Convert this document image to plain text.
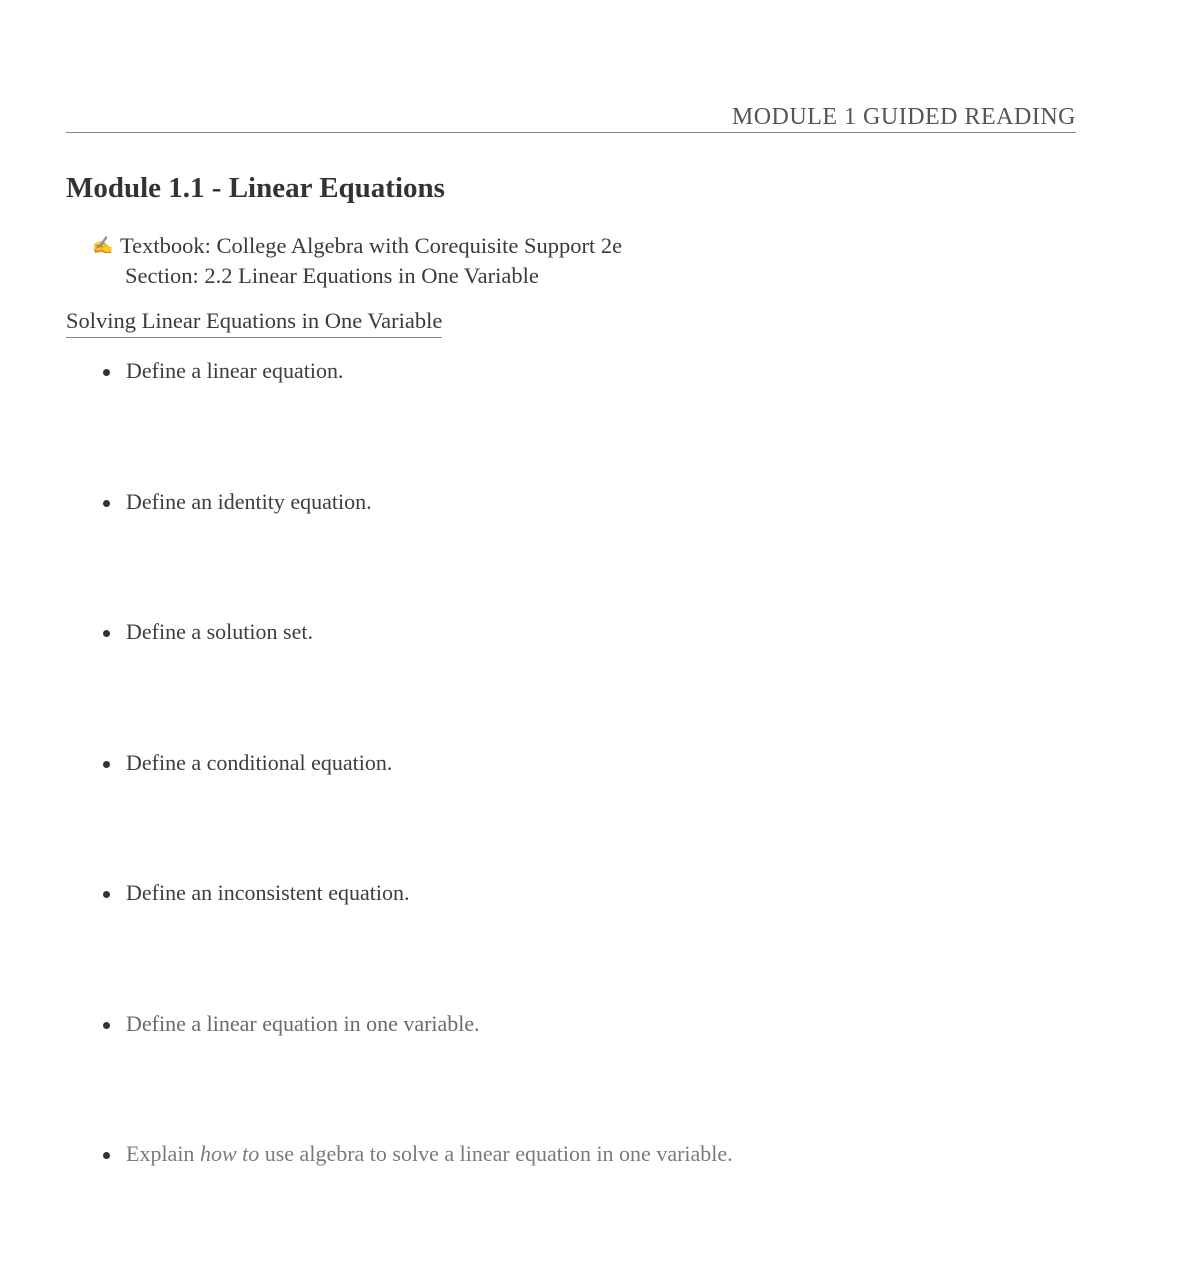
MODULE 1 GUIDED READING
Module 1.1 - Linear Equations
✍ Textbook: College Algebra with Corequisite Support 2e
Section: 2.2 Linear Equations in One Variable
Solving Linear Equations in One Variable
Define a linear equation.
Define an identity equation.
Define a solution set.
Define a conditional equation.
Define an inconsistent equation.
Define a linear equation in one variable.
Explain how to use algebra to solve a linear equation in one variable.
